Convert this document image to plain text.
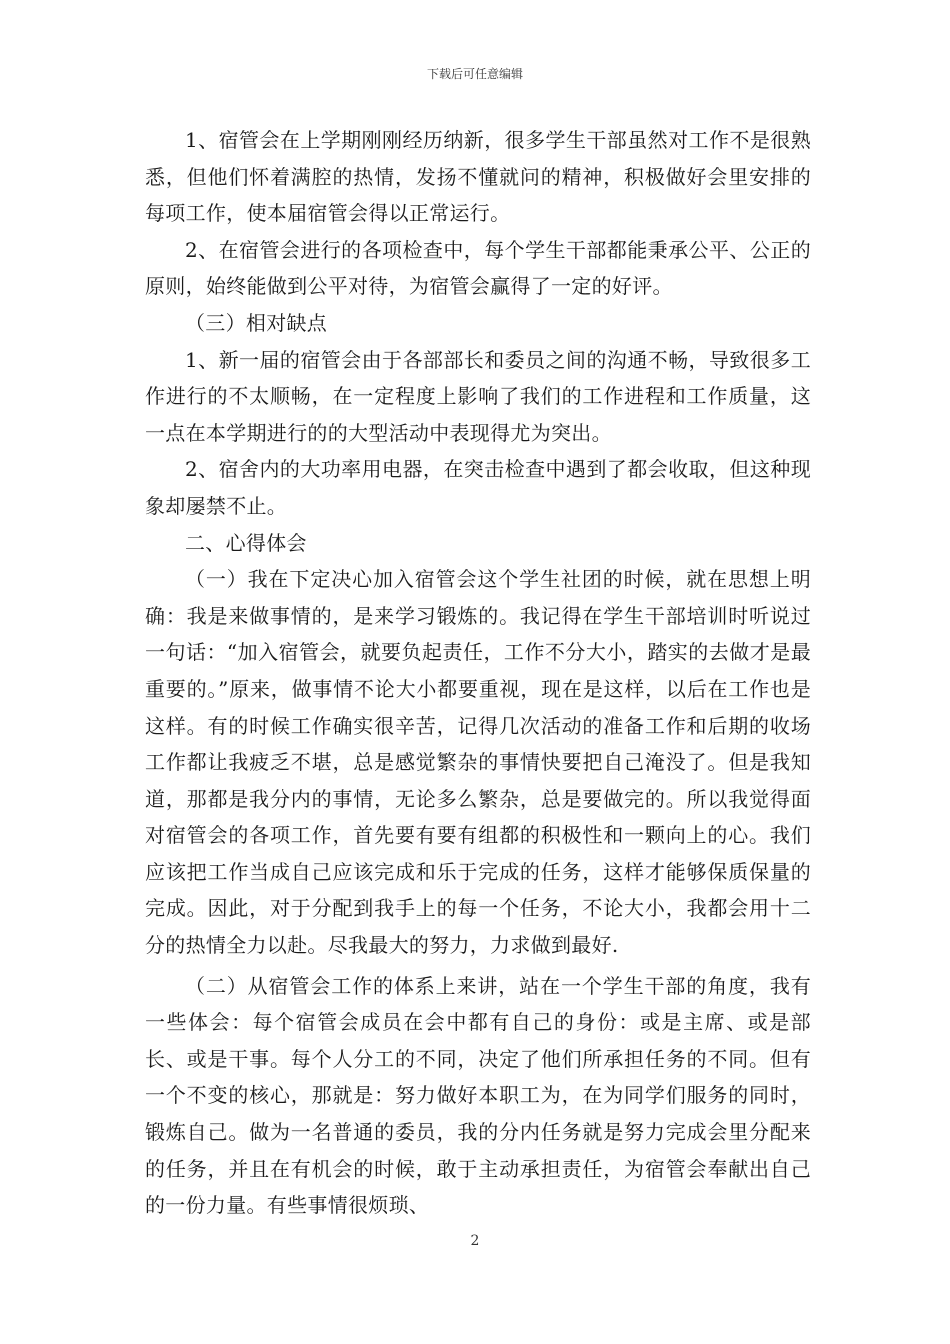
下载后可任意编辑

1、宿管会在上学期刚刚经历纳新，很多学生干部虽然对工作不是很熟悉，但他们怀着满腔的热情，发扬不懂就问的精神，积极做好会里安排的每项工作，使本届宿管会得以正常运行。

2、在宿管会进行的各项检查中，每个学生干部都能秉承公平、公正的原则，始终能做到公平对待，为宿管会赢得了一定的好评。

（三）相对缺点

1、新一届的宿管会由于各部部长和委员之间的沟通不畅，导致很多工作进行的不太顺畅，在一定程度上影响了我们的工作进程和工作质量，这一点在本学期进行的的大型活动中表现得尤为突出。

2、宿舍内的大功率用电器，在突击检查中遇到了都会收取，但这种现象却屡禁不止。

二、心得体会

（一）我在下定决心加入宿管会这个学生社团的时候，就在思想上明确：我是来做事情的，是来学习锻炼的。我记得在学生干部培训时听说过一句话：“加入宿管会，就要负起责任，工作不分大小，踏实的去做才是最重要的。”原来，做事情不论大小都要重视，现在是这样，以后在工作也是这样。有的时候工作确实很辛苦，记得几次活动的准备工作和后期的收场工作都让我疲乏不堪，总是感觉繁杂的事情快要把自己淹没了。但是我知道，那都是我分内的事情，无论多么繁杂，总是要做完的。所以我觉得面对宿管会的各项工作，首先要有要有组都的积极性和一颗向上的心。我们应该把工作当成自己应该完成和乐于完成的任务，这样才能够保质保量的完成。因此，对于分配到我手上的每一个任务，不论大小，我都会用十二分的热情全力以赴。尽我最大的努力，力求做到最好.

（二）从宿管会工作的体系上来讲，站在一个学生干部的角度，我有一些体会：每个宿管会成员在会中都有自己的身份：或是主席、或是部长、或是干事。每个人分工的不同，决定了他们所承担任务的不同。但有一个不变的核心，那就是：努力做好本职工为，在为同学们服务的同时，锻炼自己。做为一名普通的委员，我的分内任务就是努力完成会里分配来的任务，并且在有机会的时候，敢于主动承担责任，为宿管会奉献出自己的一份力量。有些事情很烦琐、

2
